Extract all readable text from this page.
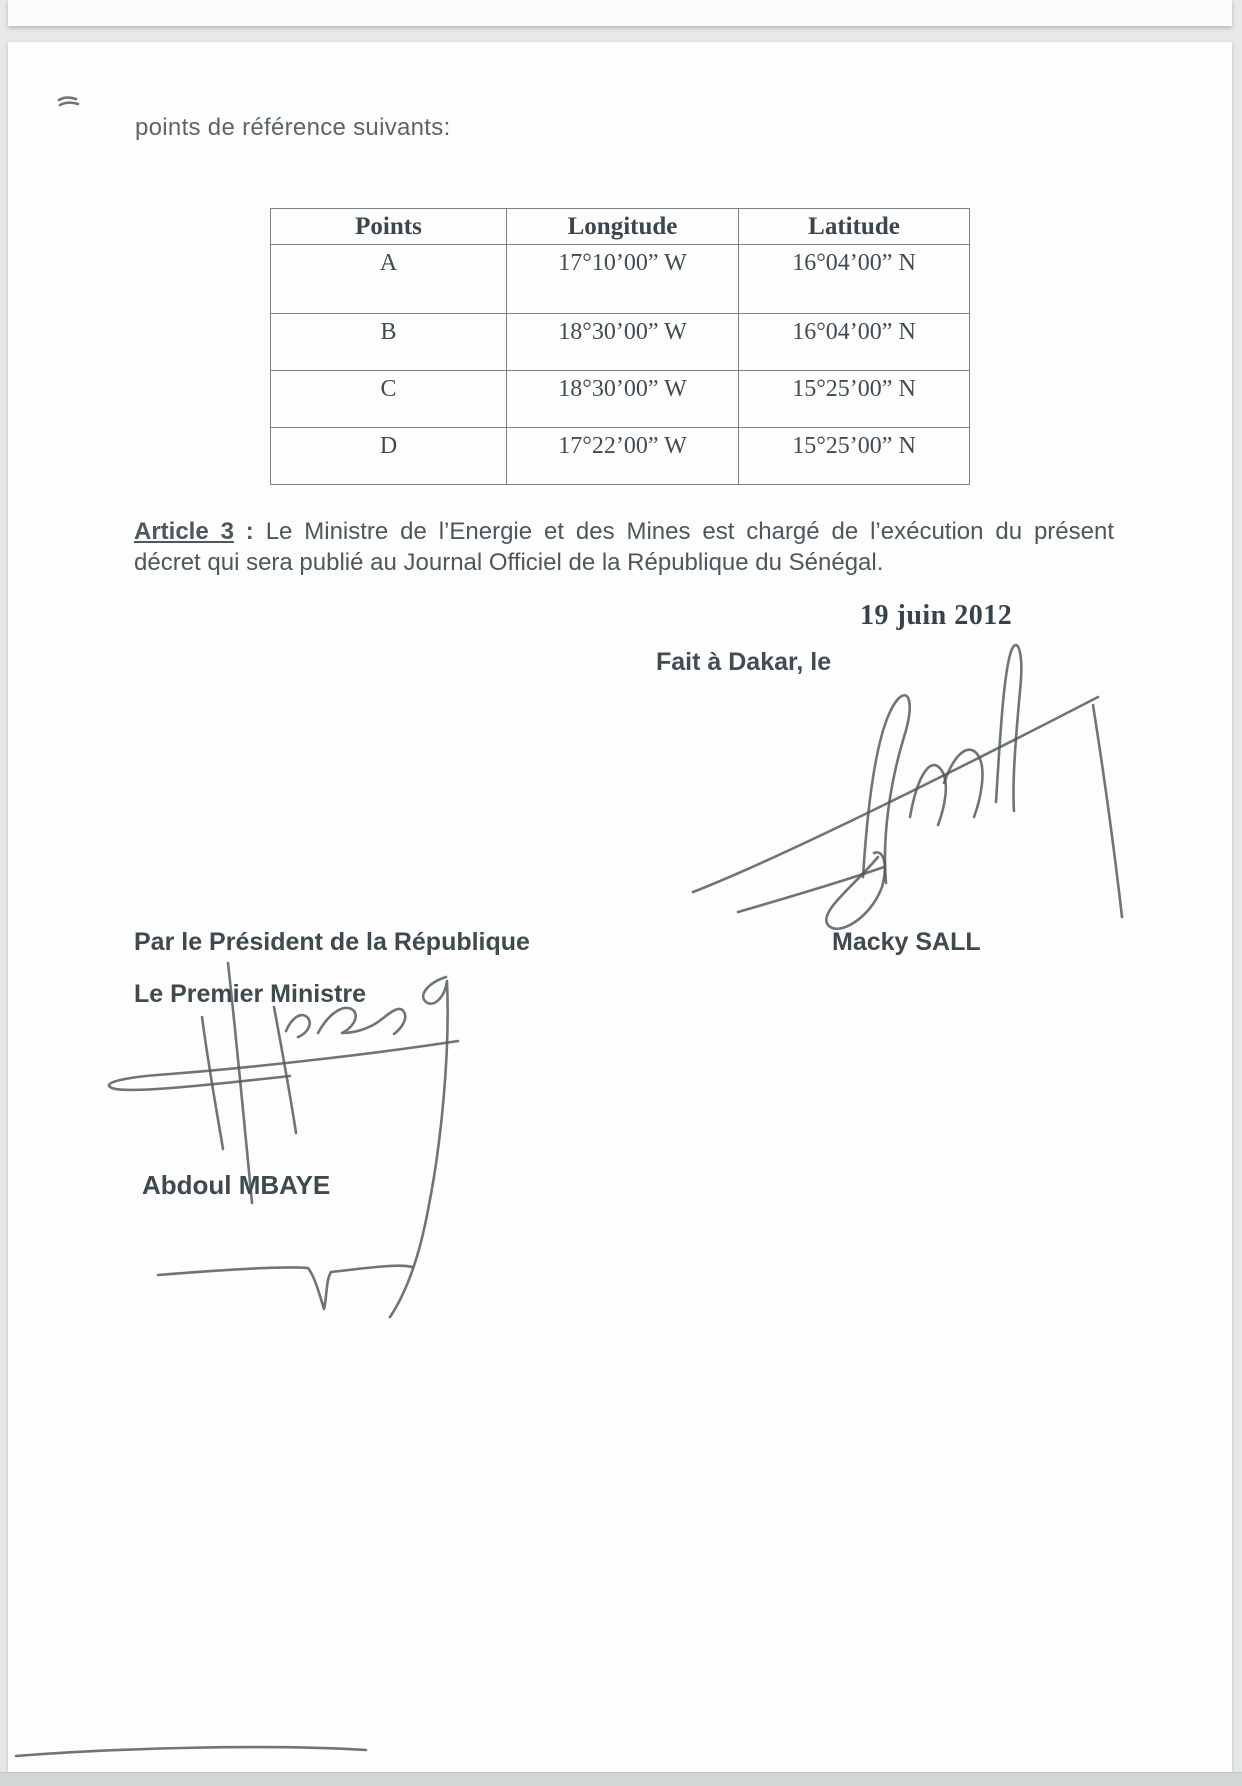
points de référence suivants:
Points	Longitude	Latitude
A	17°10’00” W	16°04’00” N
B	18°30’00” W	16°04’00” N
C	18°30’00” W	15°25’00” N
D	17°22’00” W	15°25’00” N
Article 3 : Le Ministre de l’Energie et des Mines est chargé de l’exécution du présent
décret qui sera publié au Journal Officiel de la République du Sénégal.
19 juin 2012
Fait à Dakar, le
Par le Président de la République	Macky SALL
Le Premier Ministre
Abdoul MBAYE
